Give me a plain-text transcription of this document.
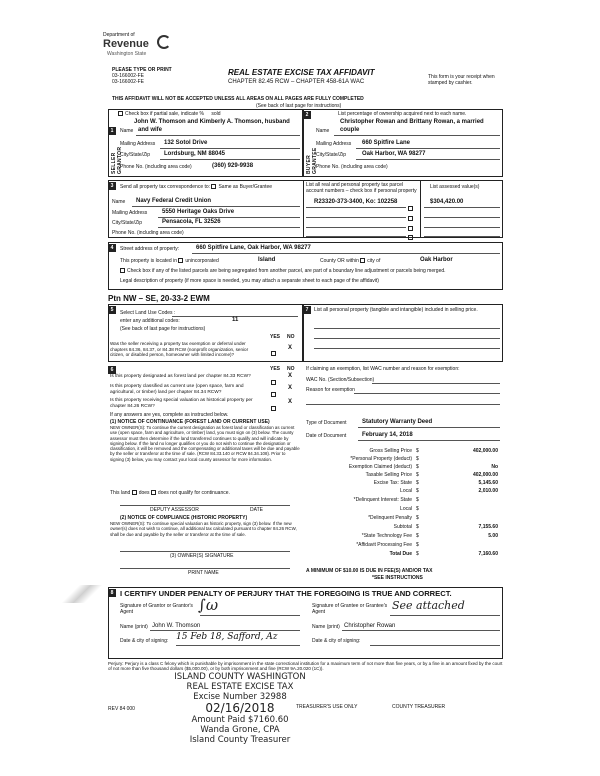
Department of
Revenue
Washington State
PLEASE TYPE OR PRINT
03-166002-FE
03-166002-FE
REAL ESTATE EXCISE TAX AFFIDAVIT
CHAPTER 82.45 RCW – CHAPTER 458-61A WAC
This form is your receipt when stamped by cashier.
THIS AFFIDAVIT WILL NOT BE ACCEPTED UNLESS ALL AREAS ON ALL PAGES ARE FULLY COMPLETED
(See back of last page for instructions)
1
Check box if partial sale, indicate % sold
John W. Thomson and Kimberly A. Thomson, husband
Name and wife
SELLER GRANTOR
Mailing Address 132 Sotol Drive
City/State/Zip Lordsburg, NM 88045
Phone No. (including area code)	(360) 929-9938
2	List percentage of ownership acquired next to each name.
Christopher Rowan and Brittany Rowan, a married
Name couple
BUYER GRANTEE
Mailing Address 660 Spitfire Lane
City/State/Zip	Oak Harbor, WA 98277
Phone No. (including area code)
3	Send all property tax correspondence to: Same as Buyer/Grantee
Name Navy Federal Credit Union
Mailing Address 5550 Heritage Oaks Drive
City/State/Zip	Pensacola, FL 32526
Phone No. (including area code)
List all real and personal property tax parcel account numbers – check box if personal property
List assessed value(s)
R23320-373-3400, Ko: 102258	$304,420.00
4	Street address of property:	660 Spitfire Lane, Oak Harbor, WA 98277
This property is located in unincorporated	Island	County OR within city of	Oak Harbor
Check box if any of the listed parcels are being segregated from another parcel, are part of a boundary line adjustment or parcels being merged.
Legal description of property (if more space is needed, you may attach a separate sheet to each page of the affidavit)
Ptn NW – SE, 20-33-2 EWM
5	Select Land Use Codes :
enter any additional codes:	11
(See back of last page for instructions)
YES NO
Was the seller receiving a property tax exemption or deferral under chapters 84.36, 84.37, or 84.38 RCW (nonprofit organization, senior citizen, or disabled person, homeowner with limited income)?
X
6	YES NO
Is this property designated as forest land per chapter 84.33 RCW?	X
Is this property classified as current use (open space, farm and agricultural, or timber) land per chapter 84.34 RCW?
X
Is this property receiving special valuation as historical property per chapter 84.26 RCW?
X
If any answers are yes, complete as instructed below.
(1) NOTICE OF CONTINUANCE (FOREST LAND OR CURRENT USE)
NEW OWNER(S): To continue the current designation as forest land or classification as current use (open space, farm and agriculture, or timber) land, you must sign on (3) below. The county assessor must then determine if the land transferred continues to qualify and will indicate by signing below. If the land no longer qualifies or you do not wish to continue the designation or classification, it will be removed and the compensating or additional taxes will be due and payable by the seller or transferor at the time of sale. (RCW 84.33.140 or RCW 84.34.108). Prior to signing (3) below, you may contact your local county assessor for more information.
This land does does not qualify for continuance.
DEPUTY ASSESSOR	DATE
(2) NOTICE OF COMPLIANCE (HISTORIC PROPERTY)
NEW OWNER(S): To continue special valuation as historic property, sign (3) below. If the new owner(s) does not wish to continue, all additional tax calculated pursuant to chapter 84.26 RCW, shall be due and payable by the seller or transferor at the time of sale.
(3) OWNER(S) SIGNATURE
PRINT NAME
7	List all personal property (tangible and intangible) included in selling price.
If claiming an exemption, list WAC number and reason for exemption:
WAC No. (Section/Subsection)
Reason for exemption
Type of Document	Statutory Warranty Deed
Date of Document	February 14, 2018
Gross Selling Price $	402,000.00
*Personal Property (deduct) $
Exemption Claimed (deduct) $	No
Taxable Selling Price $	402,000.00
Excise Tax: State $	5,145.60
Local $	2,010.00
*Delinquent Interest: State $
Local $
*Delinquent Penalty $
Subtotal $	7,155.60
*State Technology Fee $	5.00
*Affidavit Processing Fee $
Total Due $	7,160.60
A MINIMUM OF $10.00 IS DUE IN FEE(S) AND/OR TAX
*SEE INSTRUCTIONS
8 I CERTIFY UNDER PENALTY OF PERJURY THAT THE FOREGOING IS TRUE AND CORRECT.
Signature of Grantor or Grantor's Agent	∫ω	Signature of Grantee or Grantee's Agent	See attached
Name (print) John W. Thomson	Name (print) Christopher Rowan
Date & city of signing: 15 Feb 18, Safford, Az	Date & city of signing:
Perjury: Perjury is a class C felony which is punishable by imprisonment in the state correctional institution for a maximum term of not more than five years, or by a fine in an amount fixed by the court of not more than five thousand dollars ($5,000.00), or by both imprisonment and fine (RCW 9A.20.020 (1C)).
ISLAND COUNTY WASHINGTON
REAL ESTATE EXCISE TAX
Excise Number 32988
02/16/2018
Amount Paid $7160.60
Wanda Grone, CPA
Island County Treasurer
REV 84 000	TREASURER'S USE ONLY	COUNTY TREASURER
